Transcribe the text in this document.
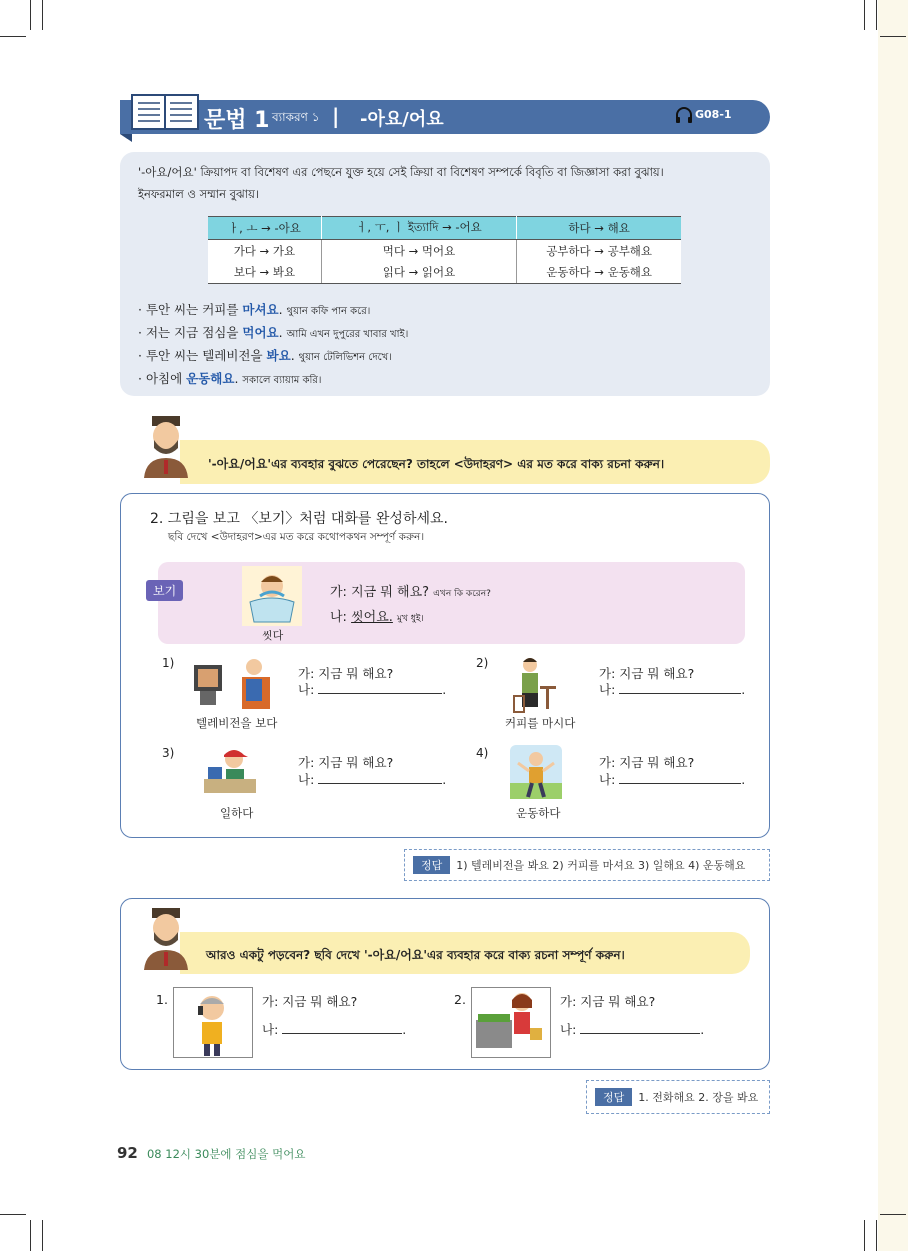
문법 1 ব্যাকরণ ১ | -아요/어요	G08-1
'-아요/어요' ক্রিয়াপদ বা বিশেষণ এর পেছনে যুক্ত হয়ে সেই ক্রিয়া বা বিশেষণ সম্পর্কে বিবৃতি বা জিজ্ঞাসা করা বুঝায়।
ইনফরমাল ও সম্মান বুঝায়।
ㅏ, ㅗ → -아요	ㅓ, ㅜ, ㅣ ইত্যাদি → -어요	하다 → 해요
가다 → 가요	먹다 → 먹어요	공부하다 → 공부해요
보다 → 봐요	읽다 → 읽어요	운동하다 → 운동해요
· 투안 씨는 커피를 마셔요. থুয়ান কফি পান করে।
· 저는 지금 점심을 먹어요. আমি এখন দুপুরের খাবার খাই।
· 투안 씨는 텔레비전을 봐요. থুয়ান টেলিভিশন দেখে।
· 아침에 운동해요. সকালে ব্যায়াম করি।
'-아요/어요'এর ব্যবহার বুঝতে পেরেছেন? তাহলে <উদাহরণ> এর মত করে বাক্য রচনা করুন।
2. 그림을 보고 〈보기〉처럼 대화를 완성하세요.
ছবি দেখে <উদাহরণ>এর মত করে কথোপকথন সম্পূর্ণ করুন।
보기
씻다
가: 지금 뭐 해요? এখন কি করেন?
나: 씻어요. মুখ ধুই।
1)
텔레비전을 보다
가: 지금 뭐 해요?
나:	.
2)
커피를 마시다
가: 지금 뭐 해요?
나:	.
3)
일하다
가: 지금 뭐 해요?
나:	.
4)
운동하다
가: 지금 뭐 해요?
나:	.
정답 1) 텔레비전을 봐요 2) 커피를 마셔요 3) 일해요 4) 운동해요
আরও একটু পড়বেন? ছবি দেখে '-아요/어요'এর ব্যবহার করে বাক্য রচনা সম্পূর্ণ করুন।
1.	가: 지금 뭐 해요?
나:	.
2.	가: 지금 뭐 해요?
나:	.
정답 1. 전화해요 2. 장을 봐요
92 08 12시 30분에 점심을 먹어요
